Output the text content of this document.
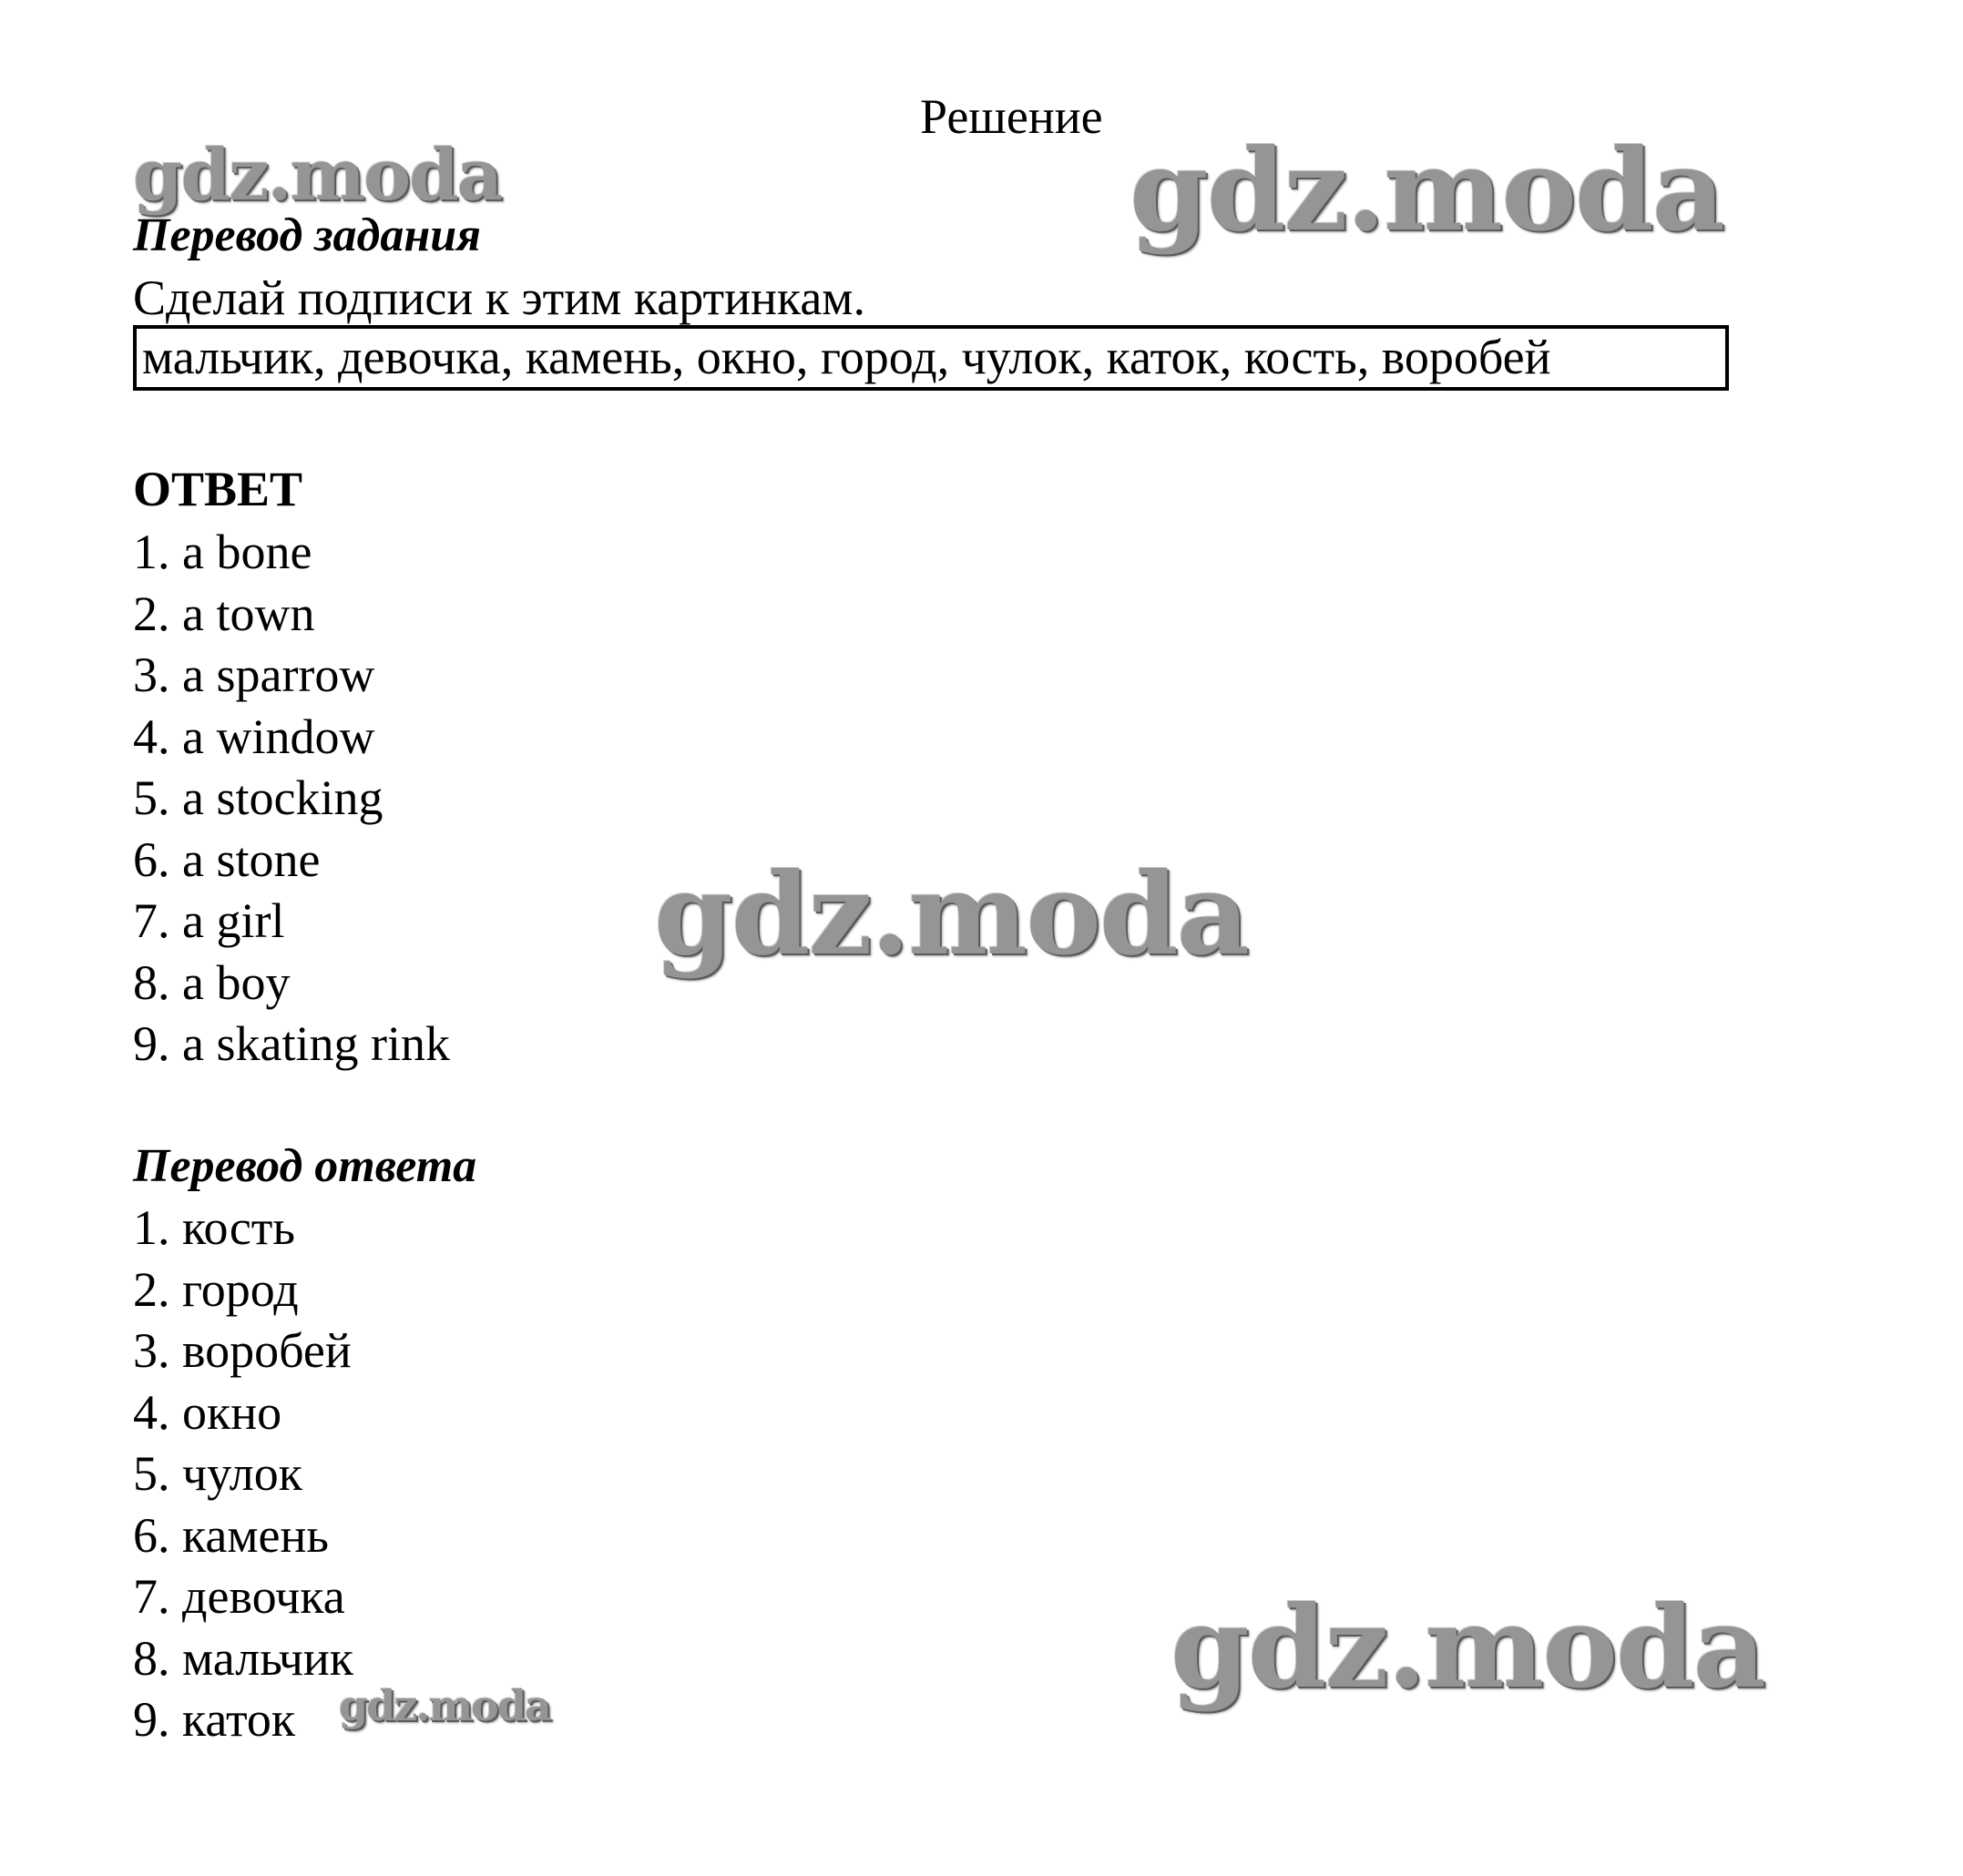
Решение
gdz.moda	gdz.moda
gdz.moda
gdz.moda
gdz.moda
Перевод задания
Сделай подписи к этим картинкам.
мальчик, девочка, камень, окно, город, чулок, каток, кость, воробей
ОТВЕТ
1. a bone
2. a town
3. a sparrow
4. a window
5. a stocking
6. a stone
7. a girl
8. a boy
9. a skating rink
Перевод ответа
1. кость
2. город
3. воробей
4. окно
5. чулок
6. камень
7. девочка
8. мальчик
9. каток
